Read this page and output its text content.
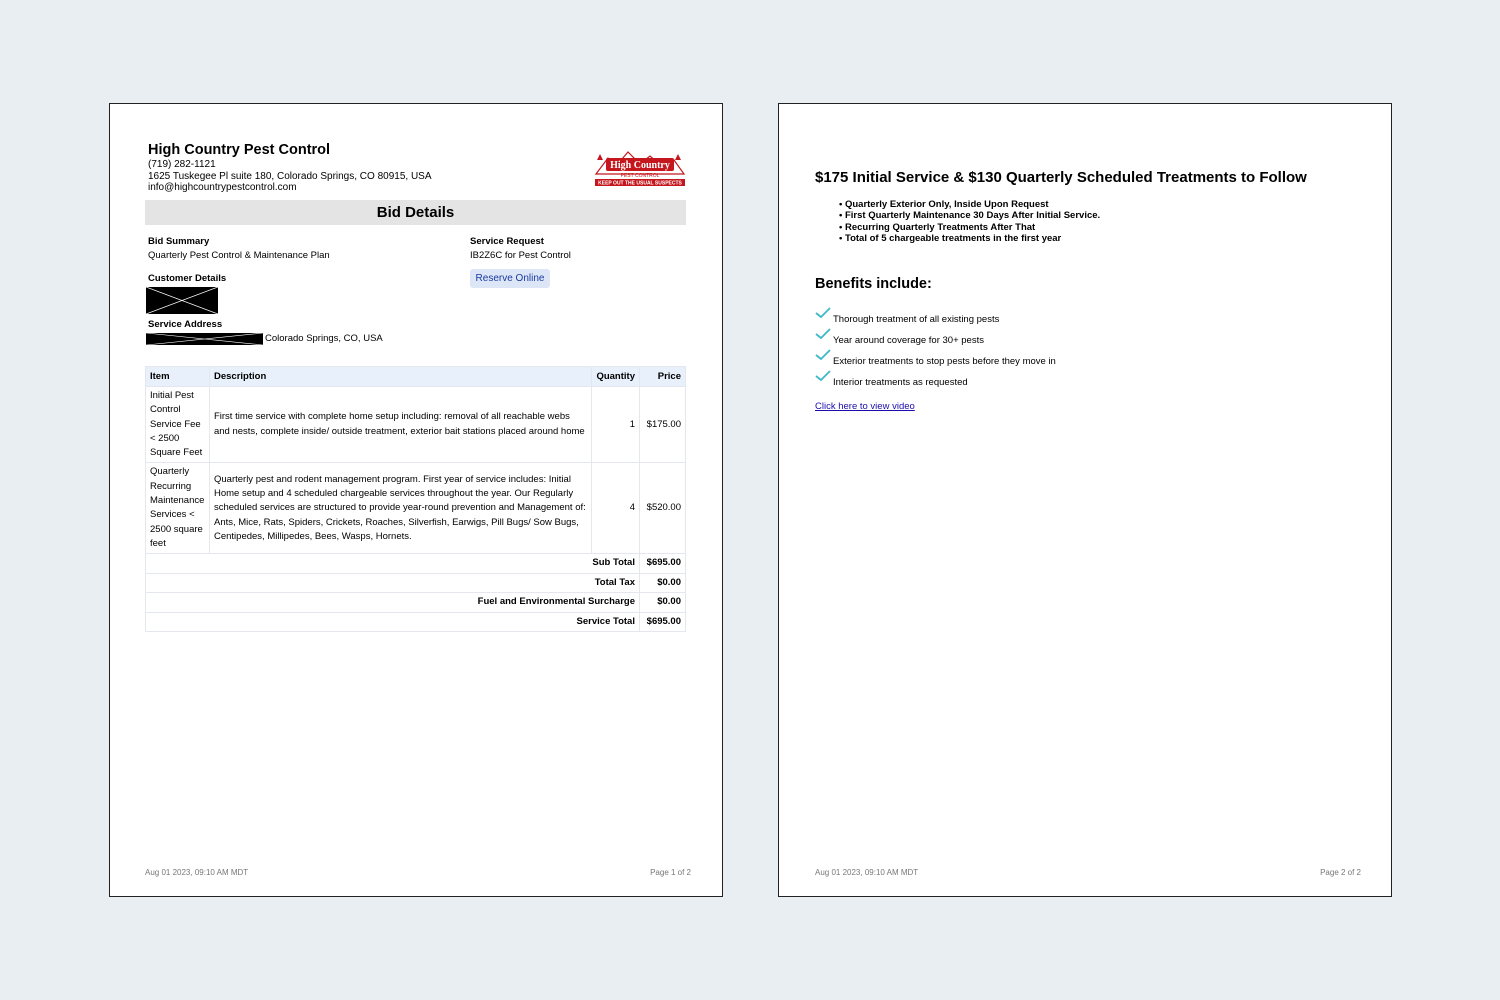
High Country Pest Control
(719) 282-1121
1625 Tuskegee Pl suite 180, Colorado Springs, CO 80915, USA
info@highcountrypestcontrol.com
High Country
PEST CONTROL
KEEP OUT THE USUAL SUSPECTS
Bid Details
Bid Summary
Quarterly Pest Control & Maintenance Plan
Service Request
IB2Z6C for Pest Control
Reserve Online
Customer Details
Service Address
Colorado Springs, CO, USA
Item	Description	Quantity	Price
Initial Pest Control Service Fee < 2500 Square Feet	First time service with complete home setup including: removal of all reachable webs and nests, complete inside/ outside treatment, exterior bait stations placed around home	1	$175.00
Quarterly Recurring Maintenance Services < 2500 square feet	Quarterly pest and rodent management program. First year of service includes: Initial Home setup and 4 scheduled chargeable services throughout the year. Our Regularly scheduled services are structured to provide year-round prevention and Management of: Ants, Mice, Rats, Spiders, Crickets, Roaches, Silverfish, Earwigs, Pill Bugs/ Sow Bugs, Centipedes, Millipedes, Bees, Wasps, Hornets.	4	$520.00
Sub Total			$695.00
Total Tax			$0.00
Fuel and Environmental Surcharge			$0.00
Service Total			$695.00
Aug 01 2023, 09:10 AM MDT	Page 1 of 2
$175 Initial Service & $130 Quarterly Scheduled Treatments to Follow
• Quarterly Exterior Only, Inside Upon Request
• First Quarterly Maintenance 30 Days After Initial Service.
• Recurring Quarterly Treatments After That
• Total of 5 chargeable treatments in the first year
Benefits include:
Thorough treatment of all existing pests
Year around coverage for 30+ pests
Exterior treatments to stop pests before they move in
Interior treatments as requested
Click here to view video
Aug 01 2023, 09:10 AM MDT	Page 2 of 2
